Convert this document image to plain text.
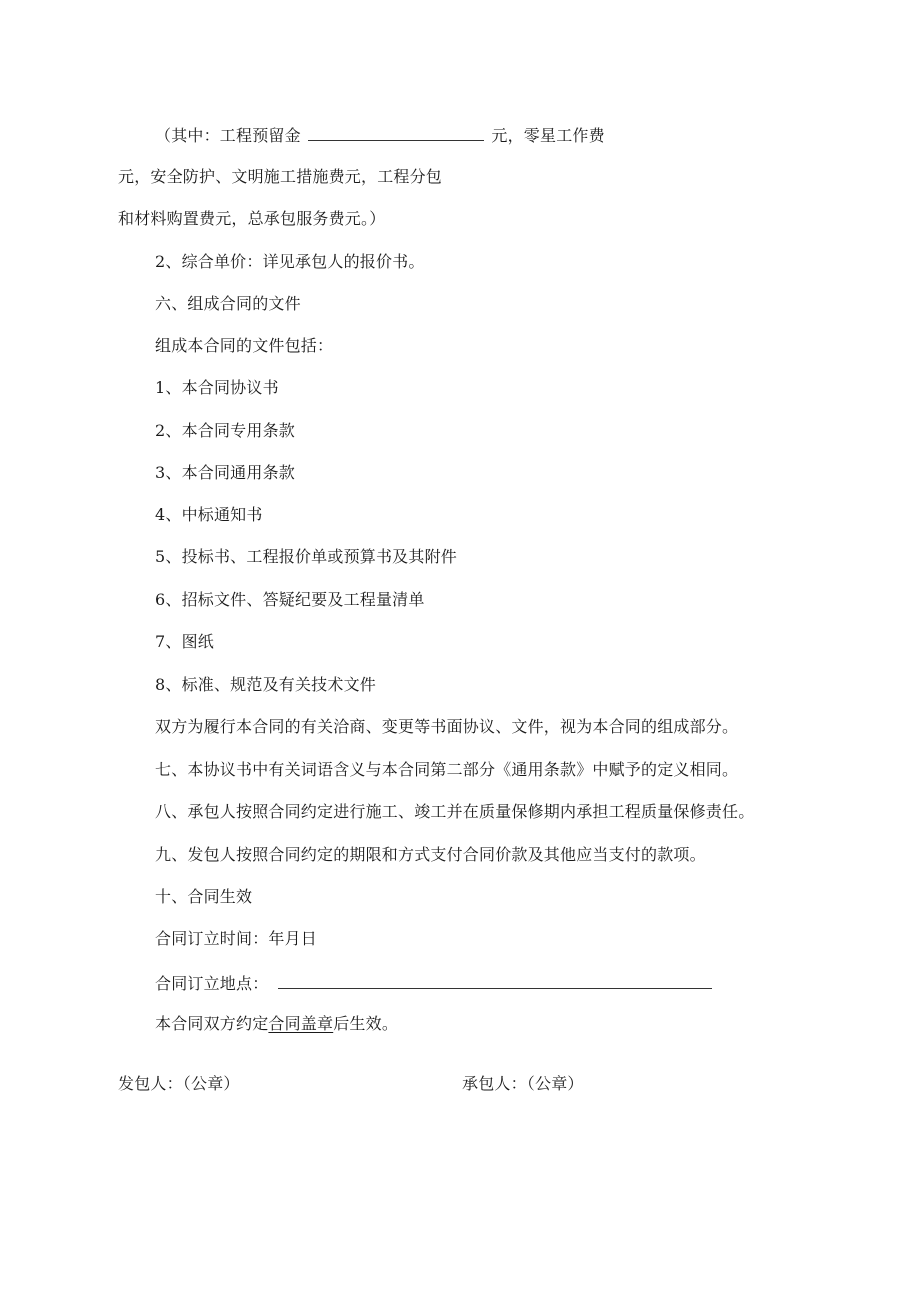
（其中：工程预留金	元，零星工作费
元，安全防护、文明施工措施费元，工程分包
和材料购置费元，总承包服务费元。）
2、综合单价：详见承包人的报价书。
六、组成合同的文件
组成本合同的文件包括：
1、本合同协议书
2、本合同专用条款
3、本合同通用条款
4、中标通知书
5、投标书、工程报价单或预算书及其附件
6、招标文件、答疑纪要及工程量清单
7、图纸
8、标准、规范及有关技术文件
双方为履行本合同的有关洽商、变更等书面协议、文件，视为本合同的组成部分。
七、本协议书中有关词语含义与本合同第二部分《通用条款》中赋予的定义相同。
八、承包人按照合同约定进行施工、竣工并在质量保修期内承担工程质量保修责任。
九、发包人按照合同约定的期限和方式支付合同价款及其他应当支付的款项。
十、合同生效
合同订立时间：年月日
合同订立地点：
本合同双方约定合同盖章后生效。
发包人：（公章）	承包人：（公章）
